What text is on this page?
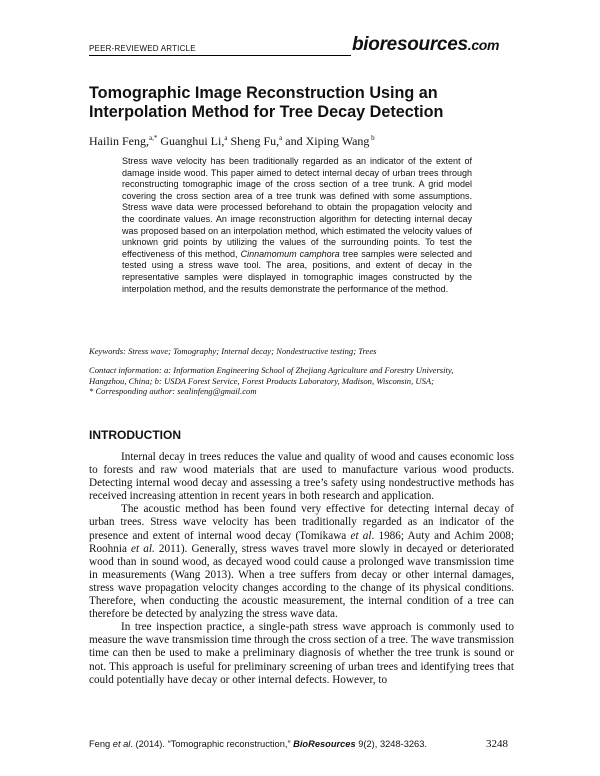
PEER-REVIEWED ARTICLE	bioresources.com
Tomographic Image Reconstruction Using an Interpolation Method for Tree Decay Detection
Hailin Feng,$^{a,*}$ Guanghui Li,$^a$ Sheng Fu,$^a$ and Xiping Wang $^b$

Stress wave velocity has been traditionally regarded as an indicator of the extent of damage inside wood. This paper aimed to detect internal decay of urban trees through reconstructing tomographic image of the cross section of a tree trunk. A grid model covering the cross section area of a tree trunk was defined with some assumptions. Stress wave data were processed beforehand to obtain the propagation velocity and the coordinate values. An image reconstruction algorithm for detecting internal decay was proposed based on an interpolation method, which estimated the velocity values of unknown grid points by utilizing the values of the surrounding points. To test the effectiveness of this method, Cinnamomum camphora tree samples were selected and tested using a stress wave tool. The area, positions, and extent of decay in the representative samples were displayed in tomographic images constructed by the interpolation method, and the results demonstrate the performance of the method.

Keywords: Stress wave; Tomography; Internal decay; Nondestructive testing; Trees

Contact information: a: Information Engineering School of Zhejiang Agriculture and Forestry University,
Hangzhou, China; b: USDA Forest Service, Forest Products Laboratory, Madison, Wisconsin, USA;
* Corresponding author: sealinfeng@gmail.com

INTRODUCTION

Internal decay in trees reduces the value and quality of wood and causes economic loss to forests and raw wood materials that are used to manufacture various wood products. Detecting internal wood decay and assessing a tree’s safety using nondestructive methods has received increasing attention in recent years in both research and application.

The acoustic method has been found very effective for detecting internal decay of urban trees. Stress wave velocity has been traditionally regarded as an indicator of the presence and extent of internal wood decay (Tomikawa et al. 1986; Auty and Achim 2008; Roohnia et al. 2011). Generally, stress waves travel more slowly in decayed or deteriorated wood than in sound wood, as decayed wood could cause a prolonged wave transmission time in measurements (Wang 2013). When a tree suffers from decay or other internal damages, stress wave propagation velocity changes according to the change of its physical conditions. Therefore, when conducting the acoustic measurement, the internal condition of a tree can therefore be detected by analyzing the stress wave data.

In tree inspection practice, a single-path stress wave approach is commonly used to measure the wave transmission time through the cross section of a tree. The wave transmission time can then be used to make a preliminary diagnosis of whether the tree trunk is sound or not. This approach is useful for preliminary screening of urban trees and identifying trees that could potentially have decay or other internal defects. However, to

Feng et al. (2014). “Tomographic reconstruction,” BioResources 9(2), 3248-3263.	3248
